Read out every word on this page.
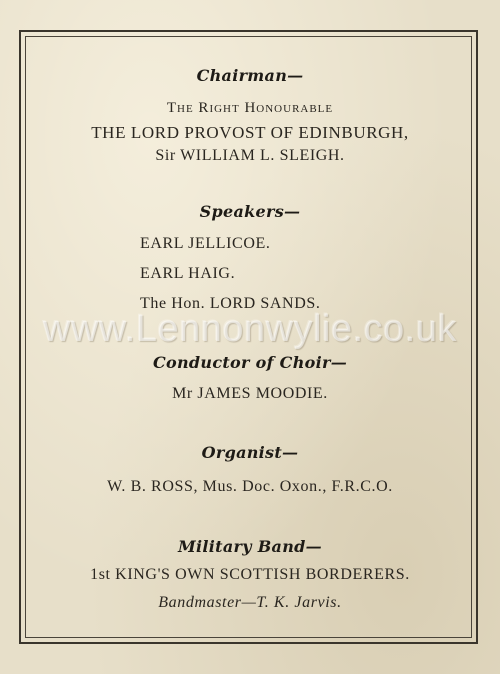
Chairman—
The Right Honourable
THE LORD PROVOST OF EDINBURGH,
Sir WILLIAM L. SLEIGH.
Speakers—
EARL JELLICOE.
EARL HAIG.
The Hon. LORD SANDS.
www.Lennonwylie.co.uk
Conductor of Choir—
Mr JAMES MOODIE.
Organist—
W. B. ROSS, Mus. Doc. Oxon., F.R.C.O.
Military Band—
1st KING'S OWN SCOTTISH BORDERERS.
Bandmaster—T. K. Jarvis.
